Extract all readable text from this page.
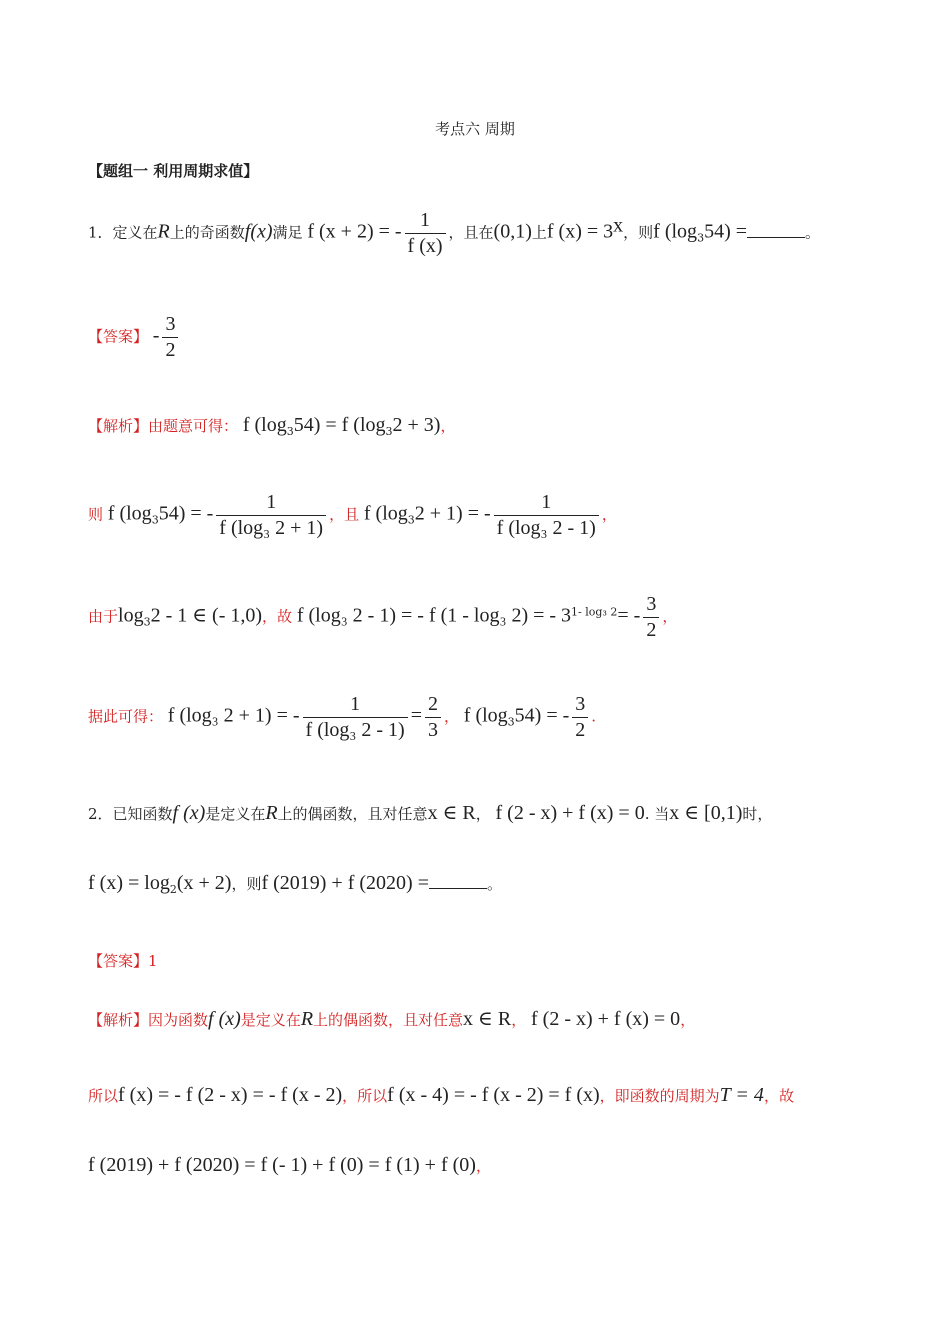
考点六 周期
【题组一 利用周期求值】
1．定义在R上的奇函数f(x)满足 f (x + 2) = - $\frac{1}{f (x)}$ ，且在(0,1)上f $(x) = 3^x$，则f $(\log_354)$ =	。
【答案】 - $\frac{3}{2}$
【解析】由题意可得： f $(\log_354) = f$ $(\log_32 + 3)$，
则 f $(\log_354)$ = - $\frac{1}{\text{f (log₃ 2 + 1)}}$ ，且 f $(\log_32 + 1)$ = - $\frac{1}{\text{f (log₃ 2 - 1)}}$ ，
由于$\log_32 - 1$ ∈ (- 1,0)，故 f (log₃ 2 - 1) = - f (1 - log₃ 2) = - $3^{1- log_3 2}= - \frac{3}{2}$ ，
据此可得： f (log₃ 2 + 1) = - $\frac{1}{\text{f (log₃ 2 - 1)}} = \frac{2}{3}$ ， f $(\log_354)$ = - $\frac{3}{2}$ .
2．已知函数f (x)是定义在R上的偶函数，且对任意x ∈ R， f (2 - x) + f (x) = 0. 当x ∈ [0,1)时，
f $(x) = \log_2(x + 2)$，则f (2019) + f (2020) =	。
【答案】1
【解析】因为函数f (x)是定义在R上的偶函数，且对任意x ∈ R， f (2 - x) + f (x) = 0，
所以f (x) = - f (2 - x) = - f (x - 2)，所以f (x - 4) = - f (x - 2) = f (x)，即函数的周期为T = 4，故
f (2019) + f (2020) = f (- 1) + f (0) = f (1) + f (0)，
